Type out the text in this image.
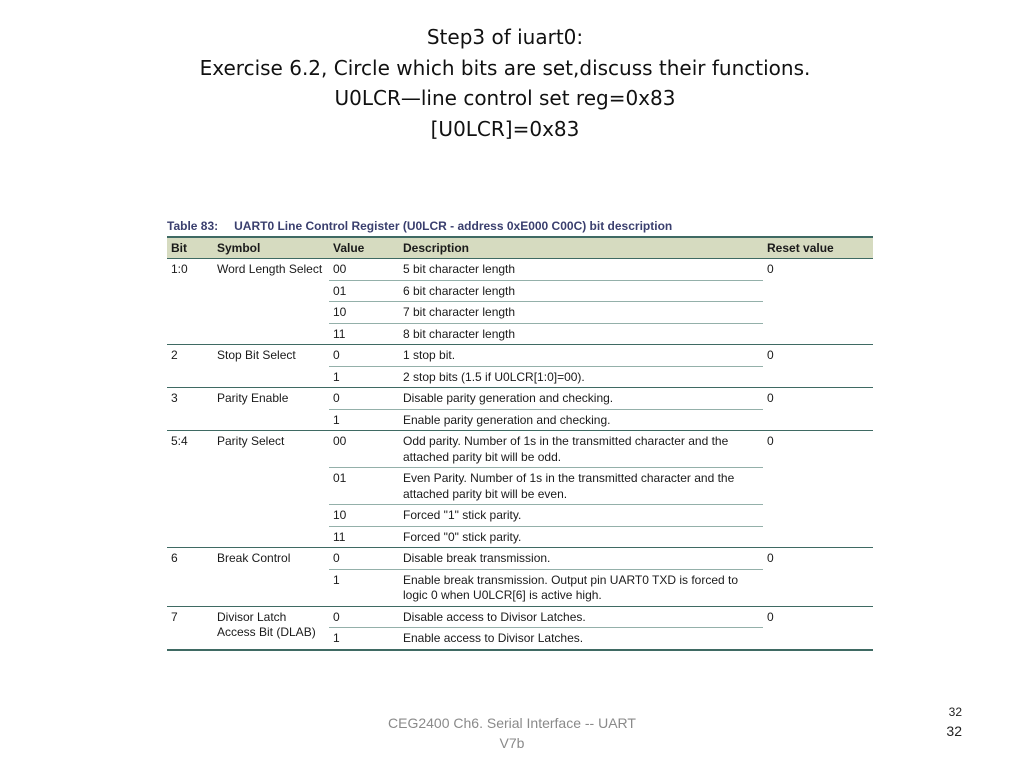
Step3 of iuart0:
Exercise 6.2, Circle which bits are set,discuss their functions.
U0LCR—line control set reg=0x83
[U0LCR]=0x83
Table 83: UART0 Line Control Register (U0LCR - address 0xE000 C00C) bit description
Bit	Symbol	Value	Description	Reset value
1:0	Word Length Select	00	5 bit character length	0
		01	6 bit character length	
		10	7 bit character length	
		11	8 bit character length	
2	Stop Bit Select	0	1 stop bit.	0
		1	2 stop bits (1.5 if U0LCR[1:0]=00).	
3	Parity Enable	0	Disable parity generation and checking.	0
		1	Enable parity generation and checking.	
5:4	Parity Select	00	Odd parity. Number of 1s in the transmitted character and the attached parity bit will be odd.	0
		01	Even Parity. Number of 1s in the transmitted character and the attached parity bit will be even.	
		10	Forced "1" stick parity.	
		11	Forced "0" stick parity.	
6	Break Control	0	Disable break transmission.	0
		1	Enable break transmission. Output pin UART0 TXD is forced to logic 0 when U0LCR[6] is active high.	
7	Divisor Latch Access Bit (DLAB)	0	Disable access to Divisor Latches.	0
		1	Enable access to Divisor Latches.	
CEG2400 Ch6. Serial Interface -- UART
V7b
32
32
